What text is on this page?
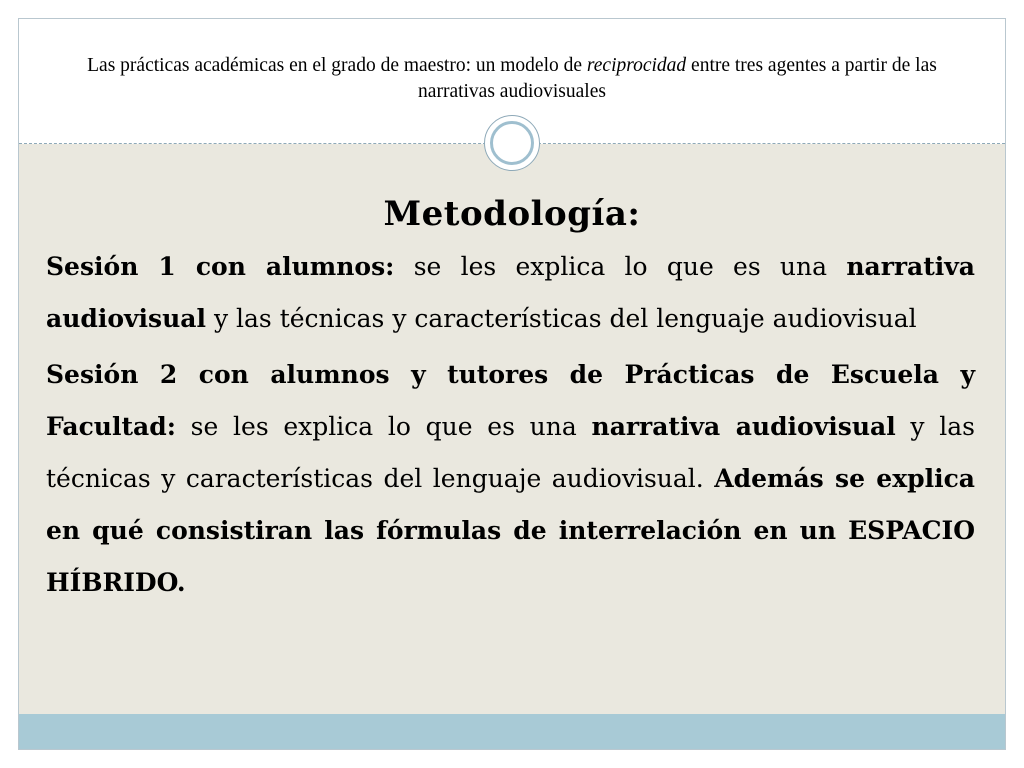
Las prácticas académicas en el grado de maestro: un modelo de reciprocidad entre tres agentes a partir de las narrativas audiovisuales
Metodología:

Sesión 1 con alumnos: se les explica lo que es una narrativa audiovisual y las técnicas y características del lenguaje audiovisual

Sesión 2 con alumnos y tutores de Prácticas de Escuela y Facultad: se les explica lo que es una narrativa audiovisual y las técnicas y características del lenguaje audiovisual. Además se explica en qué consistiran las fórmulas de interrelación en un ESPACIO HÍBRIDO.
